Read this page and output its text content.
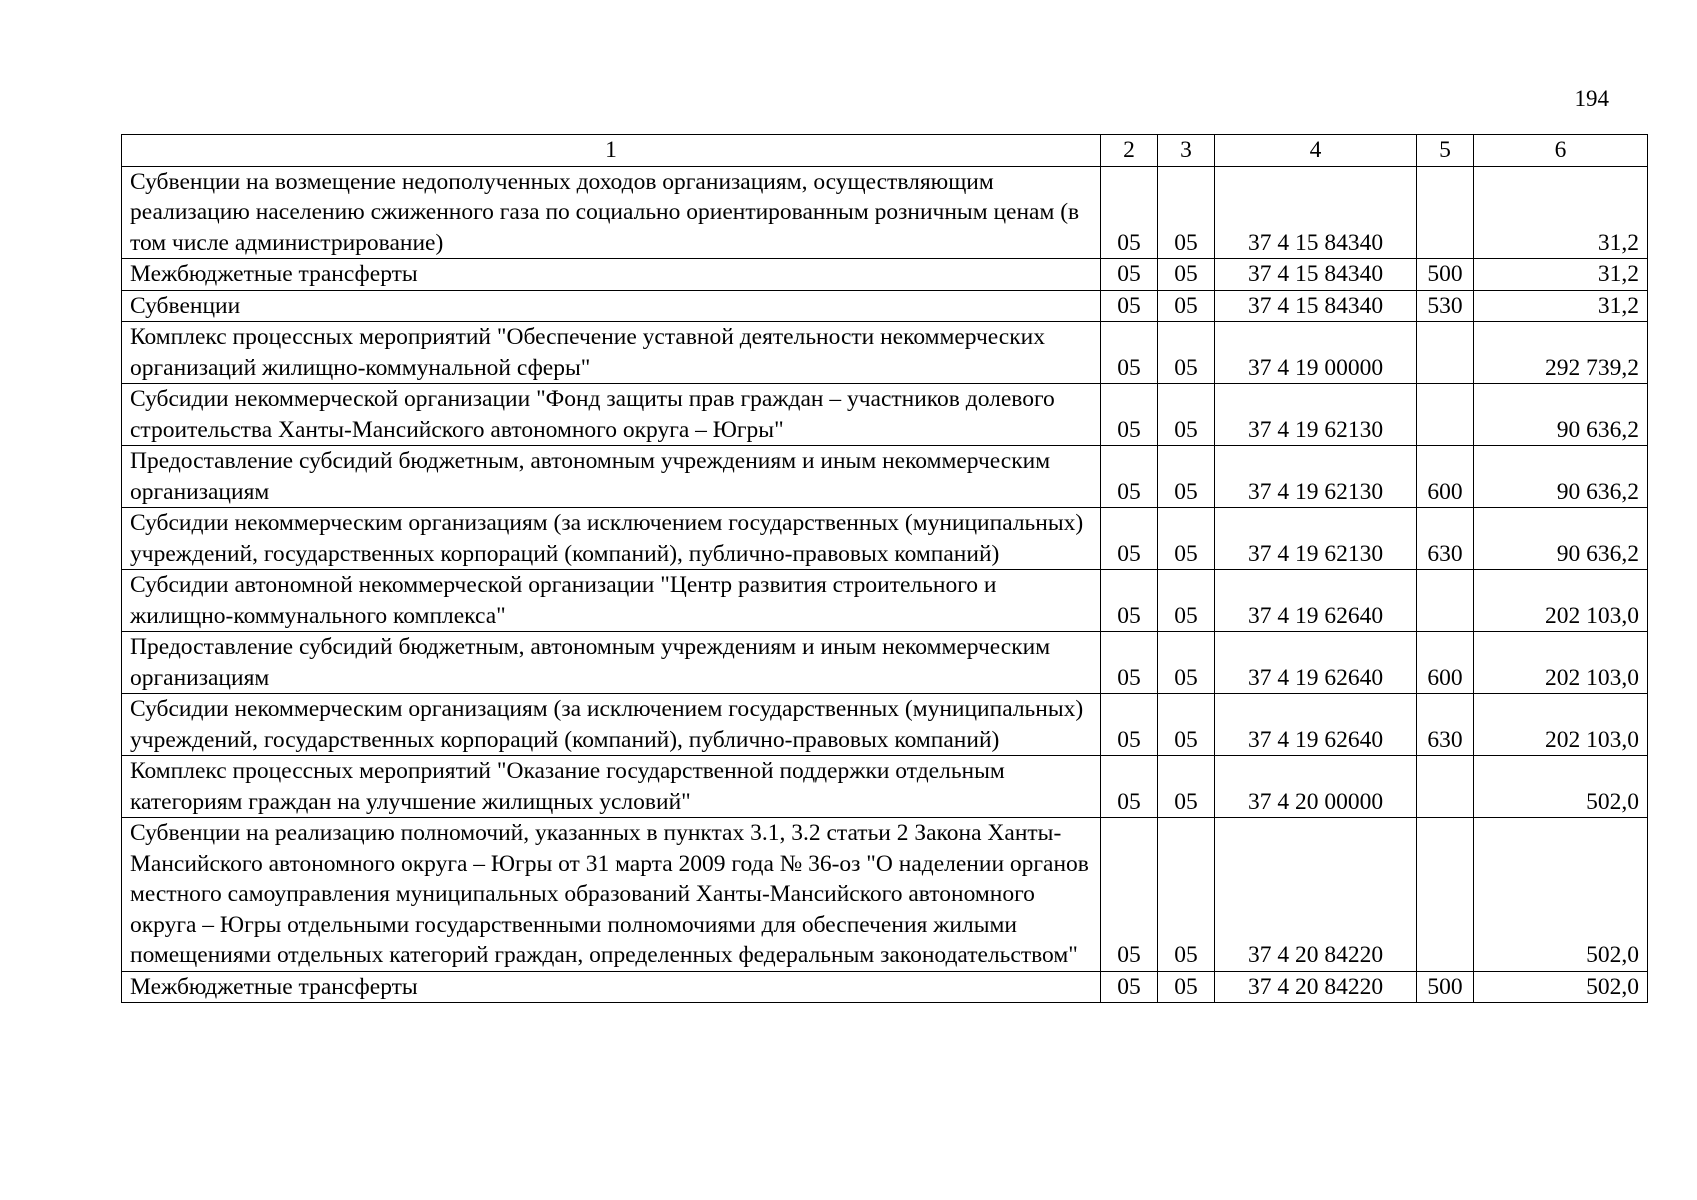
194
1	2	3	4	5	6
Субвенции на возмещение недополученных доходов организациям, осуществляющим реализацию населению сжиженного газа по социально ориентированным розничным ценам (в том числе администрирование)	05	05	37 4 15 84340		31,2
Межбюджетные трансферты	05	05	37 4 15 84340	500	31,2
Субвенции	05	05	37 4 15 84340	530	31,2
Комплекс процессных мероприятий "Обеспечение уставной деятельности некоммерческих организаций жилищно-коммунальной сферы"	05	05	37 4 19 00000		292 739,2
Субсидии некоммерческой организации "Фонд защиты прав граждан – участников долевого строительства Ханты-Мансийского автономного округа – Югры"	05	05	37 4 19 62130		90 636,2
Предоставление субсидий бюджетным, автономным учреждениям и иным некоммерческим организациям	05	05	37 4 19 62130	600	90 636,2
Субсидии некоммерческим организациям (за исключением государственных (муниципальных) учреждений, государственных корпораций (компаний), публично-правовых компаний)	05	05	37 4 19 62130	630	90 636,2
Субсидии автономной некоммерческой организации "Центр развития строительного и жилищно-коммунального комплекса"	05	05	37 4 19 62640		202 103,0
Предоставление субсидий бюджетным, автономным учреждениям и иным некоммерческим организациям	05	05	37 4 19 62640	600	202 103,0
Субсидии некоммерческим организациям (за исключением государственных (муниципальных) учреждений, государственных корпораций (компаний), публично-правовых компаний)	05	05	37 4 19 62640	630	202 103,0
Комплекс процессных мероприятий "Оказание государственной поддержки отдельным категориям граждан на улучшение жилищных условий"	05	05	37 4 20 00000		502,0
Субвенции на реализацию полномочий, указанных в пунктах 3.1, 3.2 статьи 2 Закона Ханты-Мансийского автономного округа – Югры от 31 марта 2009 года № 36-оз "О наделении органов местного самоуправления муниципальных образований Ханты-Мансийского автономного округа – Югры отдельными государственными полномочиями для обеспечения жилыми помещениями отдельных категорий граждан, определенных федеральным законодательством"	05	05	37 4 20 84220		502,0
Межбюджетные трансферты	05	05	37 4 20 84220	500	502,0
